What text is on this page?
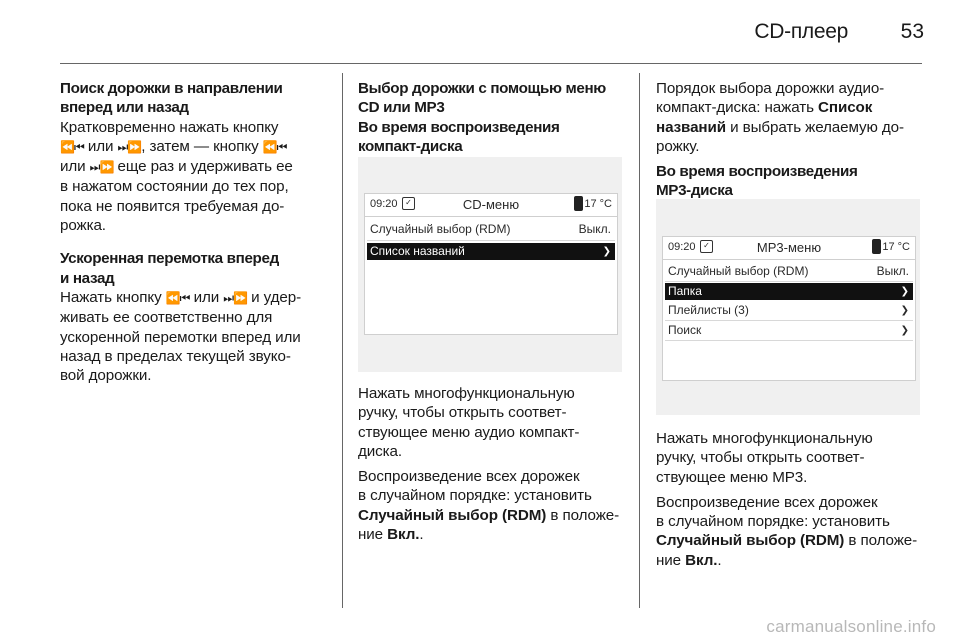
CD-плеер	53

Поиск дорожки в направлении

вперед или назад

Кратковременно нажать кнопку

⏪⏮ или ⏭⏩, затем — кнопку ⏪⏮

или ⏭⏩ еще раз и удерживать ее

в нажатом состоянии до тех пор,

пока не появится требуемая до-

рожка.

Ускоренная перемотка вперед

и назад

Нажать кнопку ⏪⏮ или ⏭⏩ и удер-

живать ее соответственно для

ускоренной перемотки вперед или

назад в пределах текущей звуко-

вой дорожки.

Выбор дорожки с помощью меню

CD или MP3

Во время воспроизведения

компакт-диска

09:20 ✓	CD-меню	17 °C
Случайный выбор (RDM)	Выкл.
Список названий	❯

Нажать многофункциональную

ручку, чтобы открыть соответ-

ствующее меню аудио компакт-

диска.

Воспроизведение всех дорожек

в случайном порядке: установить

Случайный выбор (RDM) в положе-

ние Вкл..

Порядок выбора дорожки аудио-

компакт-диска: нажать Список

названий и выбрать желаемую до-

рожку.

Во время воспроизведения

MP3-диска

09:20 ✓	MP3-меню	17 °C
Случайный выбор (RDM)	Выкл.
Папка	❯
Плейлисты (3)	❯
Поиск	❯

Нажать многофункциональную

ручку, чтобы открыть соответ-

ствующее меню MP3.

Воспроизведение всех дорожек

в случайном порядке: установить

Случайный выбор (RDM) в положе-

ние Вкл..

carmanualsonline.info
